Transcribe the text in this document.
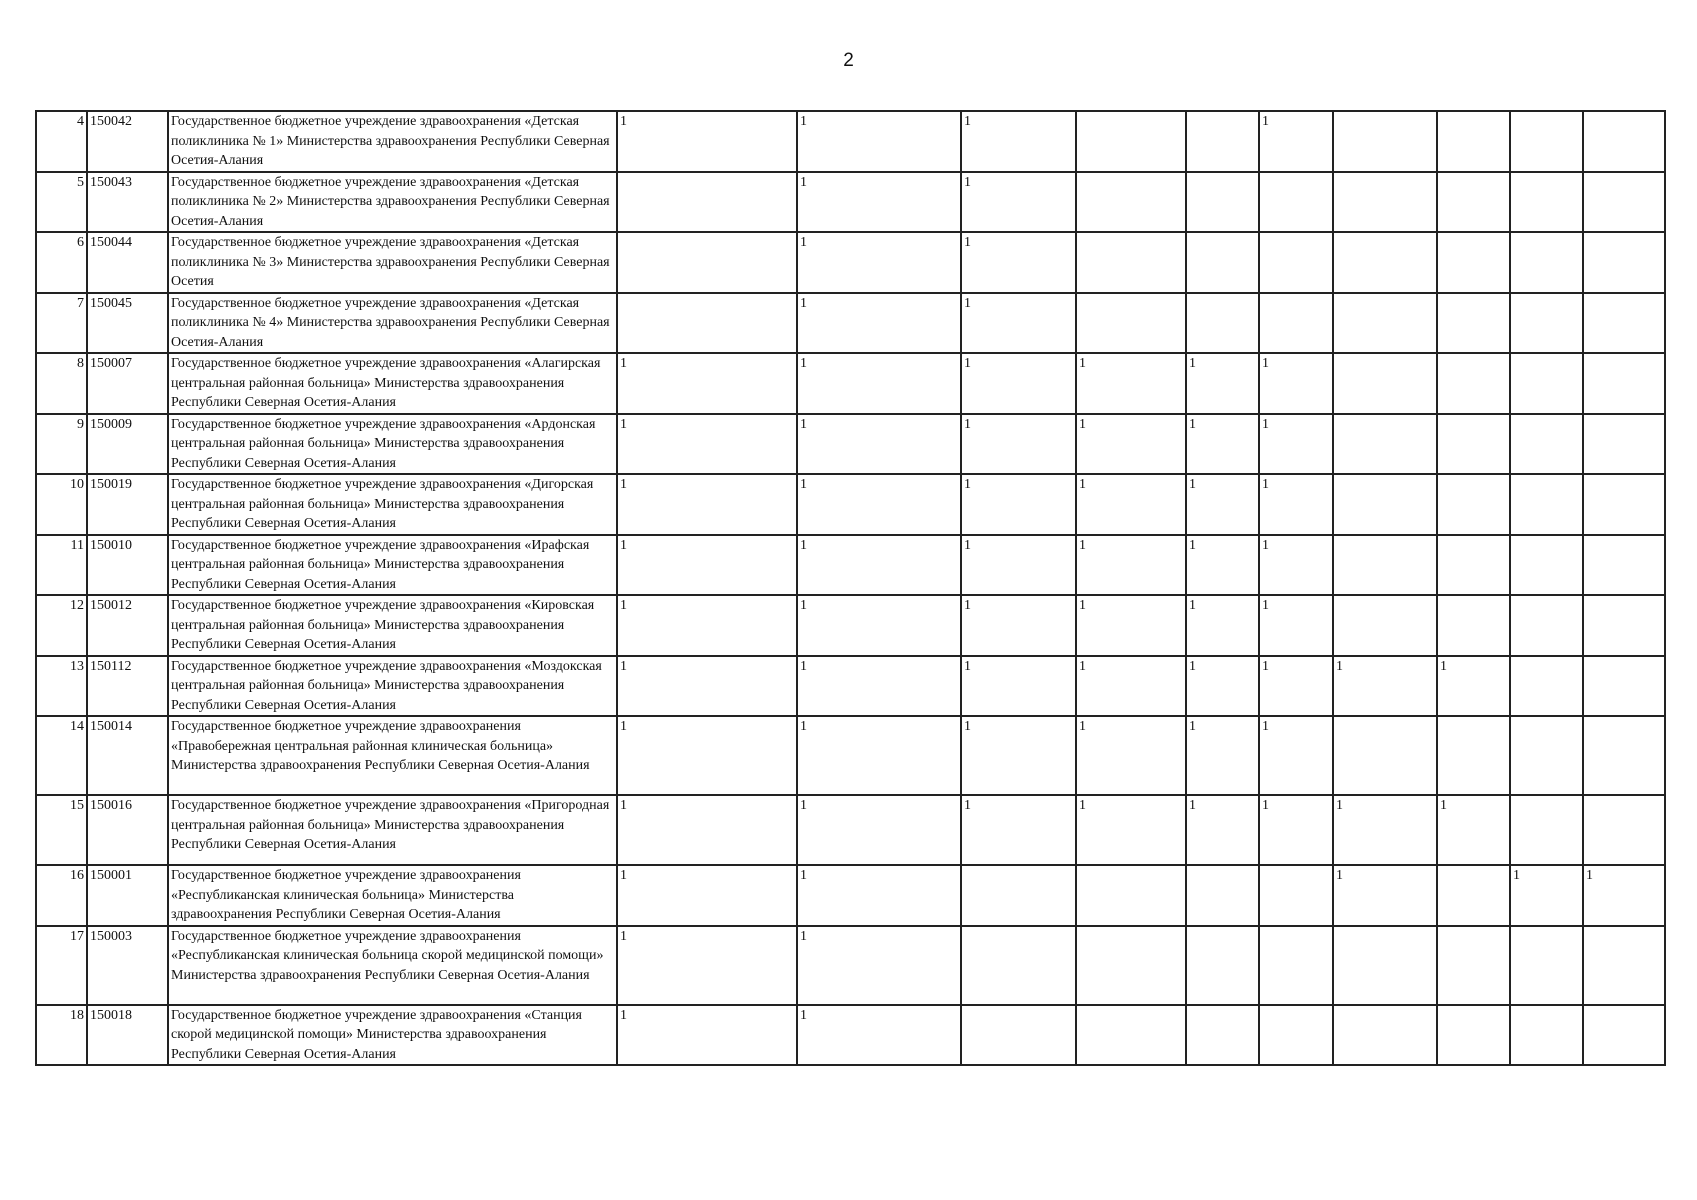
2
4	150042	Государственное бюджетное учреждение здравоохранения «Детская поликлиника № 1» Министерства здравоохранения Республики Северная Осетия-Алания	1	1	1			1				
5	150043	Государственное бюджетное учреждение здравоохранения «Детская поликлиника № 2» Министерства здравоохранения Республики Северная Осетия-Алания		1	1							
6	150044	Государственное бюджетное учреждение здравоохранения «Детская поликлиника № 3» Министерства здравоохранения Республики Северная Осетия		1	1							
7	150045	Государственное бюджетное учреждение здравоохранения «Детская поликлиника № 4» Министерства здравоохранения Республики Северная Осетия-Алания		1	1							
8	150007	Государственное бюджетное учреждение здравоохранения «Алагирская центральная районная больница» Министерства здравоохранения Республики Северная Осетия-Алания	1	1	1	1	1	1				
9	150009	Государственное бюджетное учреждение здравоохранения «Ардонская центральная районная больница» Министерства здравоохранения Республики Северная Осетия-Алания	1	1	1	1	1	1				
10	150019	Государственное бюджетное учреждение здравоохранения «Дигорская центральная районная больница» Министерства здравоохранения Республики Северная Осетия-Алания	1	1	1	1	1	1				
11	150010	Государственное бюджетное учреждение здравоохранения «Ирафская центральная районная больница» Министерства здравоохранения Республики Северная Осетия-Алания	1	1	1	1	1	1				
12	150012	Государственное бюджетное учреждение здравоохранения «Кировская центральная районная больница» Министерства здравоохранения Республики Северная Осетия-Алания	1	1	1	1	1	1				
13	150112	Государственное бюджетное учреждение здравоохранения «Моздокская центральная районная больница» Министерства здравоохранения Республики Северная Осетия-Алания	1	1	1	1	1	1	1	1		
14	150014	Государственное бюджетное учреждение здравоохранения «Правобережная центральная районная клиническая больница» Министерства здравоохранения Республики Северная Осетия-Алания	1	1	1	1	1	1				
15	150016	Государственное бюджетное учреждение здравоохранения «Пригородная центральная районная больница» Министерства здравоохранения Республики Северная Осетия-Алания	1	1	1	1	1	1	1	1		
16	150001	Государственное бюджетное учреждение здравоохранения «Республиканская клиническая больница» Министерства здравоохранения Республики Северная Осетия-Алания	1	1					1		1	1
17	150003	Государственное бюджетное учреждение здравоохранения «Республиканская клиническая больница скорой медицинской помощи» Министерства здравоохранения Республики Северная Осетия-Алания	1	1								
18	150018	Государственное бюджетное учреждение здравоохранения «Станция скорой медицинской помощи» Министерства здравоохранения Республики Северная Осетия-Алания	1	1								
